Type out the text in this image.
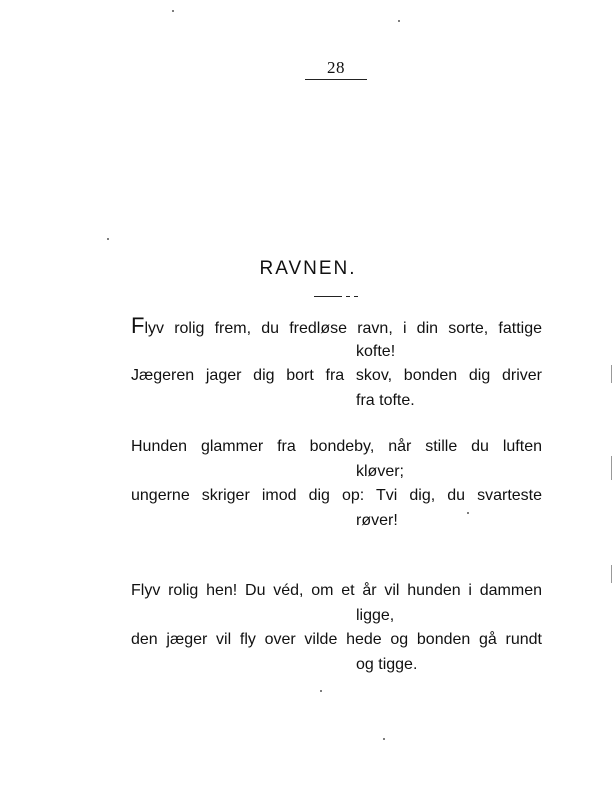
28
RAVNEN.
Flyv rolig frem, du fredløse ravn, i din sorte, fattige
kofte!
Jægeren jager dig bort fra skov, bonden dig driver
fra tofte.
Hunden glammer fra bondeby, når stille du luften
kløver;
ungerne skriger imod dig op: Tvi dig, du svarteste
røver!
Flyv rolig hen! Du véd, om et år vil hunden i dammen
ligge,
den jæger vil fly over vilde hede og bonden gå rundt
og tigge.
